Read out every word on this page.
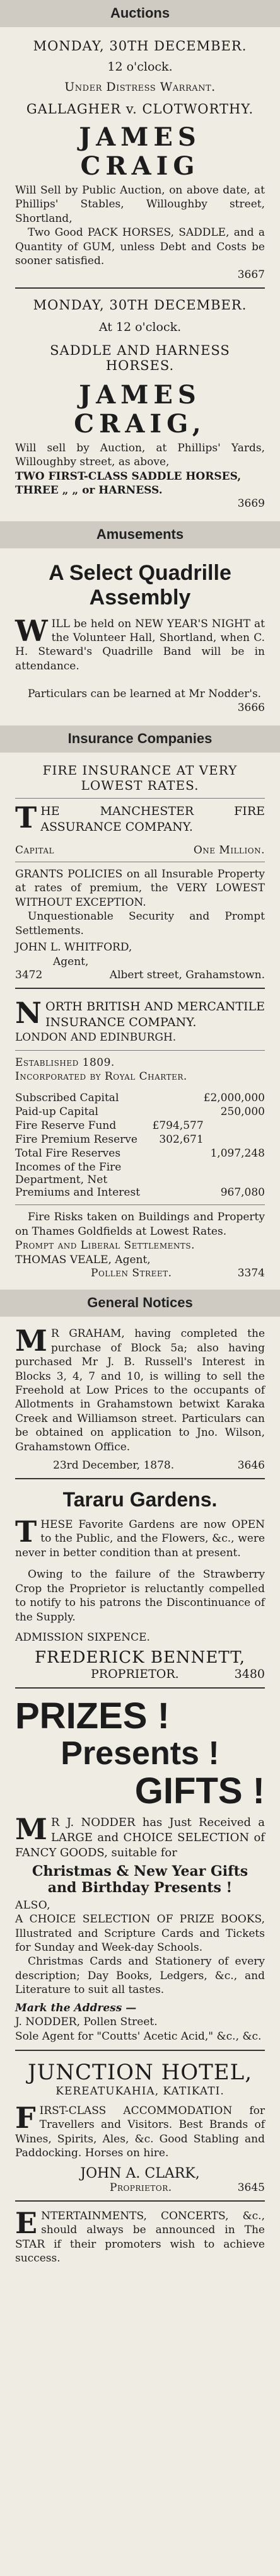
Auctions
MONDAY, 30TH DECEMBER.
12 o'clock.
Under Distress Warrant.
GALLAGHER v. CLOTWORTHY.
JAMES CRAIG
Will Sell by Public Auction, on above date, at Phillips' Stables, Willoughby street, Shortland,
Two Good PACK HORSES, SADDLE, and a Quantity of GUM, unless Debt and Costs be sooner satisfied.
3667
MONDAY, 30TH DECEMBER.
At 12 o'clock.
SADDLE AND HARNESS HORSES.
JAMES CRAIG,
Will sell by Auction, at Phillips' Yards, Willoughby street, as above,
TWO FIRST-CLASS SADDLE HORSES,
THREE „ „ or HARNESS.
3669
Amusements
A Select Quadrille
Assembly
W ILL be held on NEW YEAR'S NIGHT at the Volunteer Hall, Shortland, when C. H. Steward's Quadrille Band will be in attendance.
Particulars can be learned at Mr Nodder's.
3666
Insurance Companies
FIRE INSURANCE AT VERY LOWEST RATES.
T HE MANCHESTER FIRE ASSURANCE COMPANY.
Capital	One Million.
GRANTS POLICIES on all Insurable Property at rates of premium, the VERY LOWEST WITHOUT EXCEPTION.
Unquestionable Security and Prompt Settlements.
JOHN L. WHITFORD,
Agent,
3472	Albert street, Grahamstown.
N ORTH BRITISH AND MERCANTILE INSURANCE COMPANY.
LONDON AND EDINBURGH.
Established 1809.
Incorporated by Royal Charter.
Subscribed Capital		£2,000,000
Paid-up Capital		250,000
Fire Reserve Fund	£794,577	
Fire Premium Reserve	302,671	
Total Fire Reserves		1,097,248
Incomes of the Fire Department, Net Premiums and Interest		967,080
Fire Risks taken on Buildings and Property on Thames Goldfields at Lowest Rates.
Prompt and Liberal Settlements.
THOMAS VEALE, Agent,
Pollen Street.	3374
General Notices
M R GRAHAM, having completed the purchase of Block 5a; also having purchased Mr J. B. Russell's Interest in Blocks 3, 4, 7 and 10, is willing to sell the Freehold at Low Prices to the occupants of Allotments in Grahamstown betwixt Karaka Creek and Williamson street. Particulars can be obtained on application to Jno. Wilson, Grahamstown Office.
23rd December, 1878.	3646
Tararu Gardens.
T HESE Favorite Gardens are now OPEN to the Public, and the Flowers, &c., were never in better condition than at present.
Owing to the failure of the Strawberry Crop the Proprietor is reluctantly compelled to notify to his patrons the Discontinuance of the Supply.
ADMISSION SIXPENCE.
FREDERICK BENNETT,
PROPRIETOR.	3480
PRIZES !
Presents !
GIFTS !
M R J. NODDER has Just Received a LARGE and CHOICE SELECTION of FANCY GOODS, suitable for
Christmas & New Year Gifts
and Birthday Presents !
ALSO,
A CHOICE SELECTION OF PRIZE BOOKS, Illustrated and Scripture Cards and Tickets for Sunday and Week-day Schools.
Christmas Cards and Stationery of every description; Day Books, Ledgers, &c., and Literature to suit all tastes.
Mark the Address —
J. NODDER, Pollen Street.
Sole Agent for "Coutts' Acetic Acid," &c., &c.
JUNCTION HOTEL,
KEREATUKAHIA, KATIKATI.
F IRST-CLASS ACCOMMODATION for Travellers and Visitors. Best Brands of Wines, Spirits, Ales, &c. Good Stabling and Paddocking. Horses on hire.
JOHN A. CLARK,
Proprietor.	3645
E NTERTAINMENTS, CONCERTS, &c., should always be announced in The STAR if their promoters wish to achieve success.
